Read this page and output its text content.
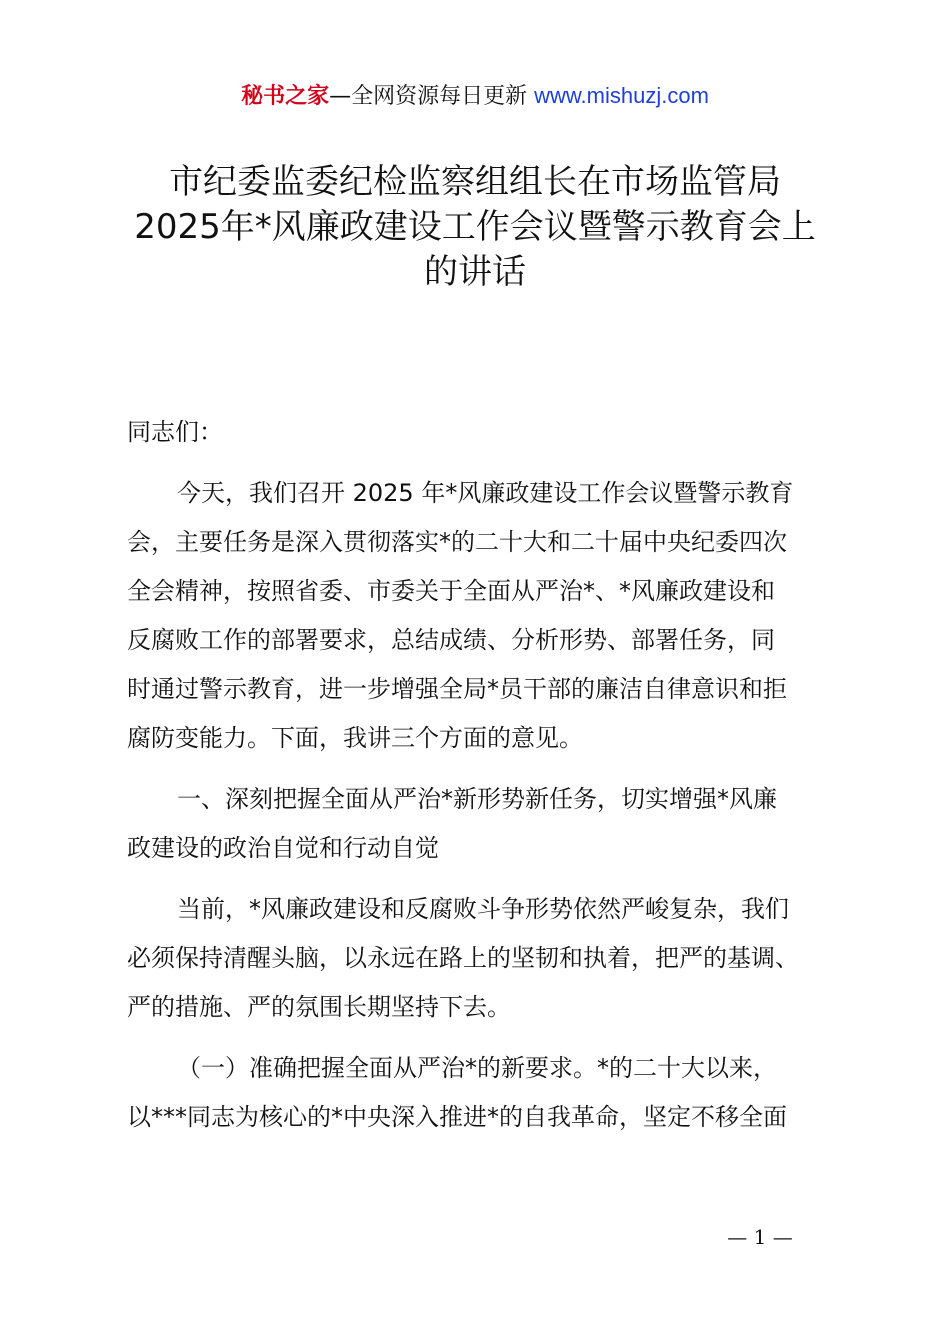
秘书之家—全网资源每日更新 www.mishuzj.com
市纪委监委纪检监察组组长在市场监管局
2025年*风廉政建设工作会议暨警示教育会上
的讲话

同志们：

今天，我们召开 2025 年*风廉政建设工作会议暨警示教育
会，主要任务是深入贯彻落实*的二十大和二十届中央纪委四次
全会精神，按照省委、市委关于全面从严治*、*风廉政建设和
反腐败工作的部署要求，总结成绩、分析形势、部署任务，同
时通过警示教育，进一步增强全局*员干部的廉洁自律意识和拒
腐防变能力。下面，我讲三个方面的意见。

一、深刻把握全面从严治*新形势新任务，切实增强*风廉
政建设的政治自觉和行动自觉

当前，*风廉政建设和反腐败斗争形势依然严峻复杂，我们
必须保持清醒头脑，以永远在路上的坚韧和执着，把严的基调、
严的措施、严的氛围长期坚持下去。

（一）准确把握全面从严治*的新要求。*的二十大以来，
以***同志为核心的*中央深入推进*的自我革命，坚定不移全面

— 1 —
